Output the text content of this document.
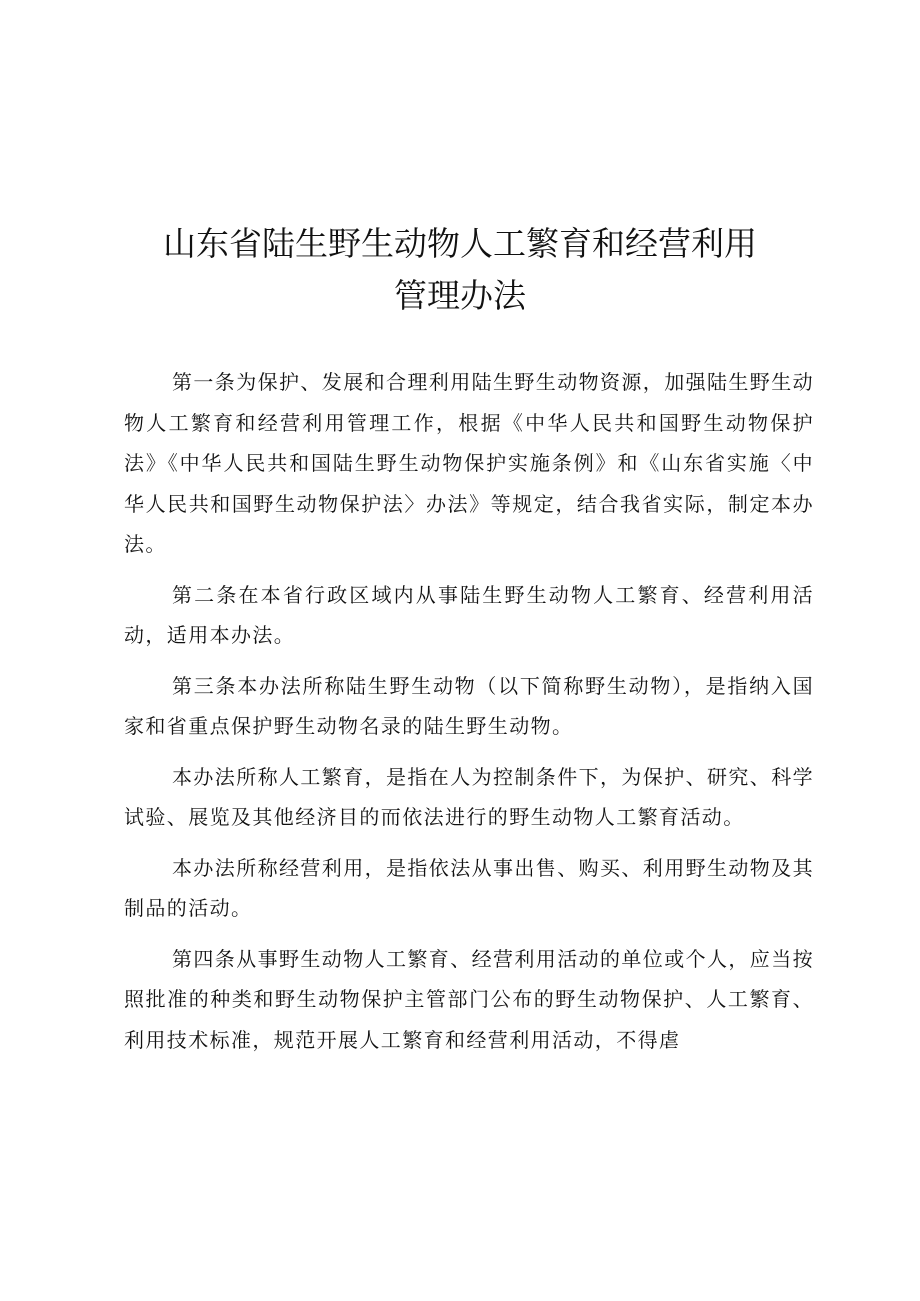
山东省陆生野生动物人工繁育和经营利用
管理办法

第一条为保护、发展和合理利用陆生野生动物资源，加强陆生野生动物人工繁育和经营利用管理工作，根据《中华人民共和国野生动物保护法》《中华人民共和国陆生野生动物保护实施条例》和《山东省实施〈中华人民共和国野生动物保护法〉办法》等规定，结合我省实际，制定本办法。

第二条在本省行政区域内从事陆生野生动物人工繁育、经营利用活动，适用本办法。

第三条本办法所称陆生野生动物（以下简称野生动物），是指纳入国家和省重点保护野生动物名录的陆生野生动物。

本办法所称人工繁育，是指在人为控制条件下，为保护、研究、科学试验、展览及其他经济目的而依法进行的野生动物人工繁育活动。

本办法所称经营利用，是指依法从事出售、购买、利用野生动物及其制品的活动。

第四条从事野生动物人工繁育、经营利用活动的单位或个人，应当按照批准的种类和野生动物保护主管部门公布的野生动物保护、人工繁育、利用技术标准，规范开展人工繁育和经营利用活动，不得虐
